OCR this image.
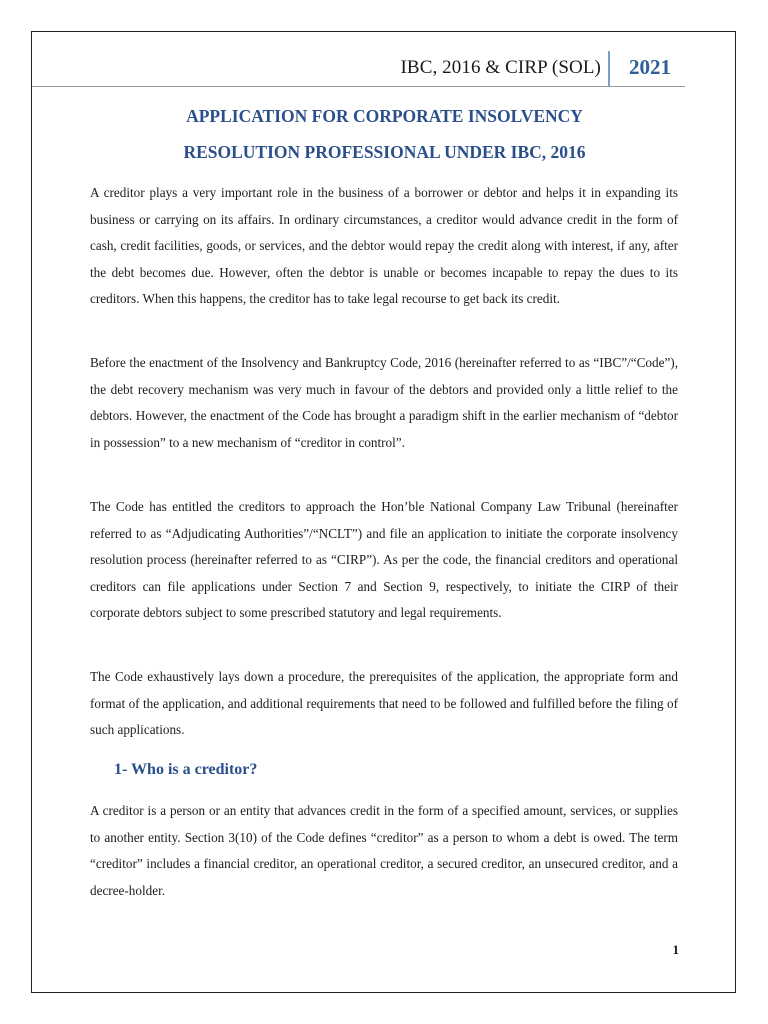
IBC, 2016 & CIRP (SOL) 2021
APPLICATION FOR CORPORATE INSOLVENCY
RESOLUTION PROFESSIONAL UNDER IBC, 2016

A creditor plays a very important role in the business of a borrower or debtor and helps it in expanding its business or carrying on its affairs. In ordinary circumstances, a creditor would advance credit in the form of cash, credit facilities, goods, or services, and the debtor would repay the credit along with interest, if any, after the debt becomes due. However, often the debtor is unable or becomes incapable to repay the dues to its creditors. When this happens, the creditor has to take legal recourse to get back its credit.

Before the enactment of the Insolvency and Bankruptcy Code, 2016 (hereinafter referred to as “IBC”/“Code”), the debt recovery mechanism was very much in favour of the debtors and provided only a little relief to the debtors. However, the enactment of the Code has brought a paradigm shift in the earlier mechanism of “debtor in possession” to a new mechanism of “creditor in control”.

The Code has entitled the creditors to approach the Hon’ble National Company Law Tribunal (hereinafter referred to as “Adjudicating Authorities”/“NCLT”) and file an application to initiate the corporate insolvency resolution process (hereinafter referred to as “CIRP”). As per the code, the financial creditors and operational creditors can file applications under Section 7 and Section 9, respectively, to initiate the CIRP of their corporate debtors subject to some prescribed statutory and legal requirements.

The Code exhaustively lays down a procedure, the prerequisites of the application, the appropriate form and format of the application, and additional requirements that need to be followed and fulfilled before the filing of such applications.

1- Who is a creditor?

A creditor is a person or an entity that advances credit in the form of a specified amount, services, or supplies to another entity. Section 3(10) of the Code defines “creditor” as a person to whom a debt is owed. The term “creditor” includes a financial creditor, an operational creditor, a secured creditor, an unsecured creditor, and a decree-holder.

1
